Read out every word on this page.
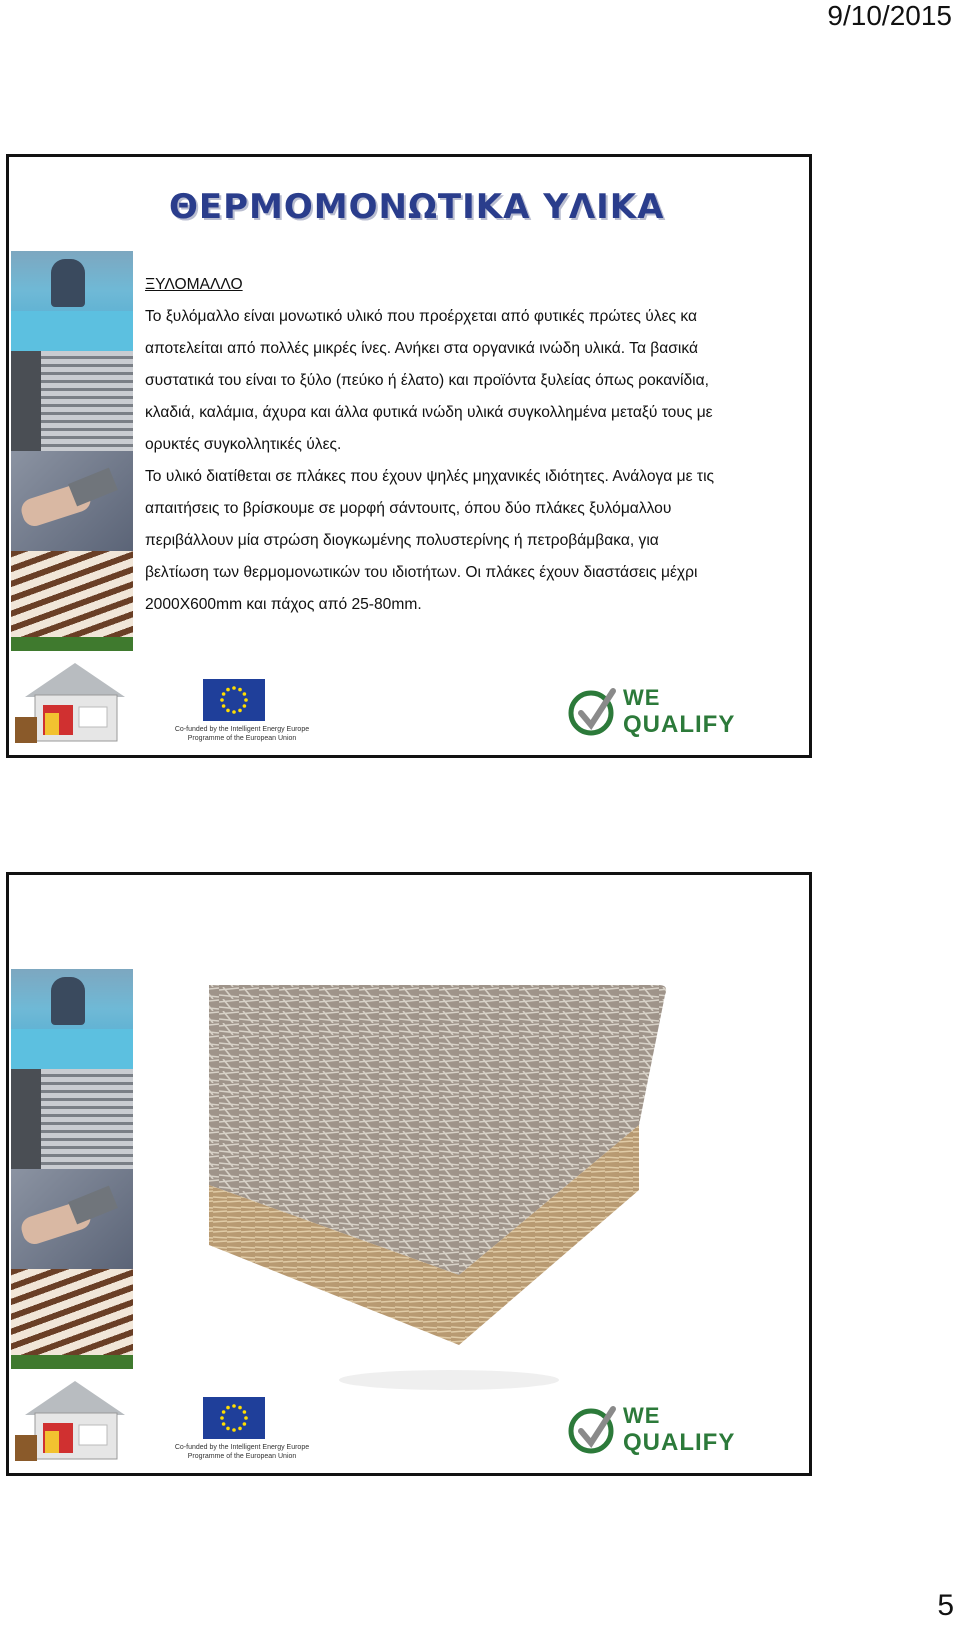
9/10/2015
ΘΕΡΜΟΜΟΝΩΤΙΚΑ ΥΛΙΚΑ

ΞΥΛΟΜΑΛΛΟ

Το ξυλόμαλλο είναι μονωτικό υλικό που προέρχεται από φυτικές πρώτες ύλες κα
αποτελείται από πολλές μικρές ίνες. Ανήκει στα οργανικά ινώδη υλικά. Τα βασικά
συστατικά του είναι το ξύλο (πεύκο ή έλατο) και προϊόντα ξυλείας όπως ροκανίδια,
κλαδιά, καλάμια, άχυρα και άλλα φυτικά ινώδη υλικά συγκολλημένα μεταξύ τους με
ορυκτές συγκολλητικές ύλες.

Το υλικό διατίθεται σε πλάκες που έχουν ψηλές μηχανικές ιδιότητες. Ανάλογα με τις
απαιτήσεις το βρίσκουμε σε μορφή σάντουιτς, όπου δύο πλάκες ξυλόμαλλου
περιβάλλουν μία στρώση διογκωμένης πολυστερίνης ή πετροβάμβακα, για
βελτίωση των θερμομονωτικών του ιδιοτήτων. Οι πλάκες έχουν διαστάσεις μέχρι
2000X600mm και πάχος από 25-80mm.

Co-funded by the Intelligent Energy Europe
Programme of the European Union
WE
QUALIFY
Co-funded by the Intelligent Energy Europe
Programme of the European Union
WE
QUALIFY
5
